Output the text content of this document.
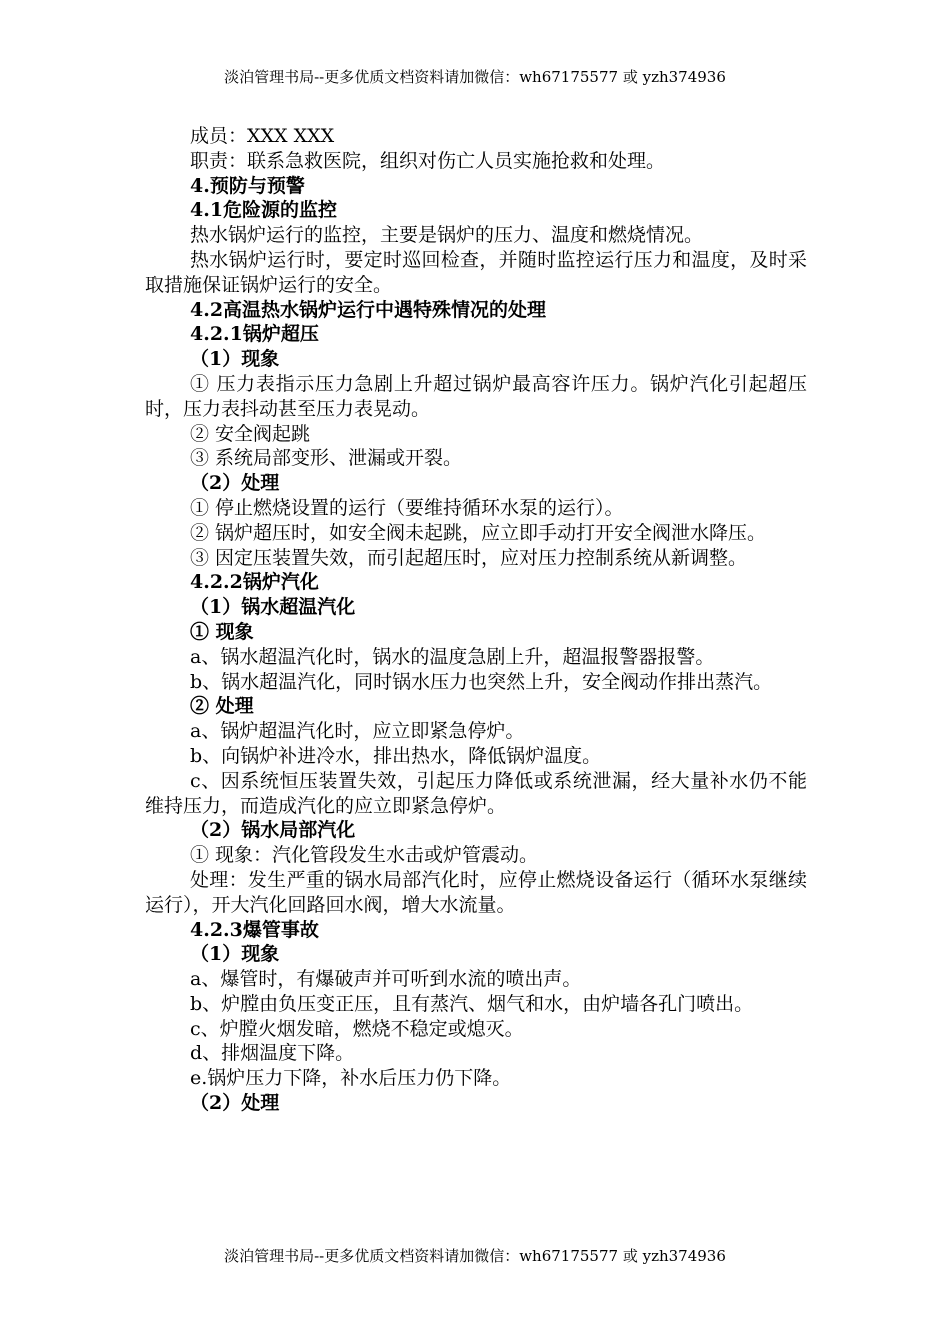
淡泊管理书局--更多优质文档资料请加微信：wh67175577 或 yzh374936

成员：XXX XXX

职责：联系急救医院，组织对伤亡人员实施抢救和处理。

4.预防与预警

4.1危险源的监控

热水锅炉运行的监控，主要是锅炉的压力、温度和燃烧情况。

热水锅炉运行时，要定时巡回检查，并随时监控运行压力和温度，及时采取措施保证锅炉运行的安全。

4.2高温热水锅炉运行中遇特殊情况的处理

4.2.1锅炉超压

（1）现象

① 压力表指示压力急剧上升超过锅炉最高容许压力。锅炉汽化引起超压时，压力表抖动甚至压力表晃动。

② 安全阀起跳

③ 系统局部变形、泄漏或开裂。

（2）处理

① 停止燃烧设置的运行（要维持循环水泵的运行）。

② 锅炉超压时，如安全阀未起跳，应立即手动打开安全阀泄水降压。

③ 因定压装置失效，而引起超压时，应对压力控制系统从新调整。

4.2.2锅炉汽化

（1）锅水超温汽化

① 现象

a、锅水超温汽化时，锅水的温度急剧上升，超温报警器报警。

b、锅水超温汽化，同时锅水压力也突然上升，安全阀动作排出蒸汽。

② 处理

a、锅炉超温汽化时，应立即紧急停炉。

b、向锅炉补进冷水，排出热水，降低锅炉温度。

c、因系统恒压装置失效，引起压力降低或系统泄漏，经大量补水仍不能维持压力，而造成汽化的应立即紧急停炉。

（2）锅水局部汽化

① 现象：汽化管段发生水击或炉管震动。

处理：发生严重的锅水局部汽化时，应停止燃烧设备运行（循环水泵继续运行），开大汽化回路回水阀，增大水流量。

4.2.3爆管事故

（1）现象

a、爆管时，有爆破声并可听到水流的喷出声。

b、炉膛由负压变正压，且有蒸汽、烟气和水，由炉墙各孔门喷出。

c、炉膛火烟发暗，燃烧不稳定或熄灭。

d、排烟温度下降。

e.锅炉压力下降，补水后压力仍下降。

（2）处理

淡泊管理书局--更多优质文档资料请加微信：wh67175577 或 yzh374936
